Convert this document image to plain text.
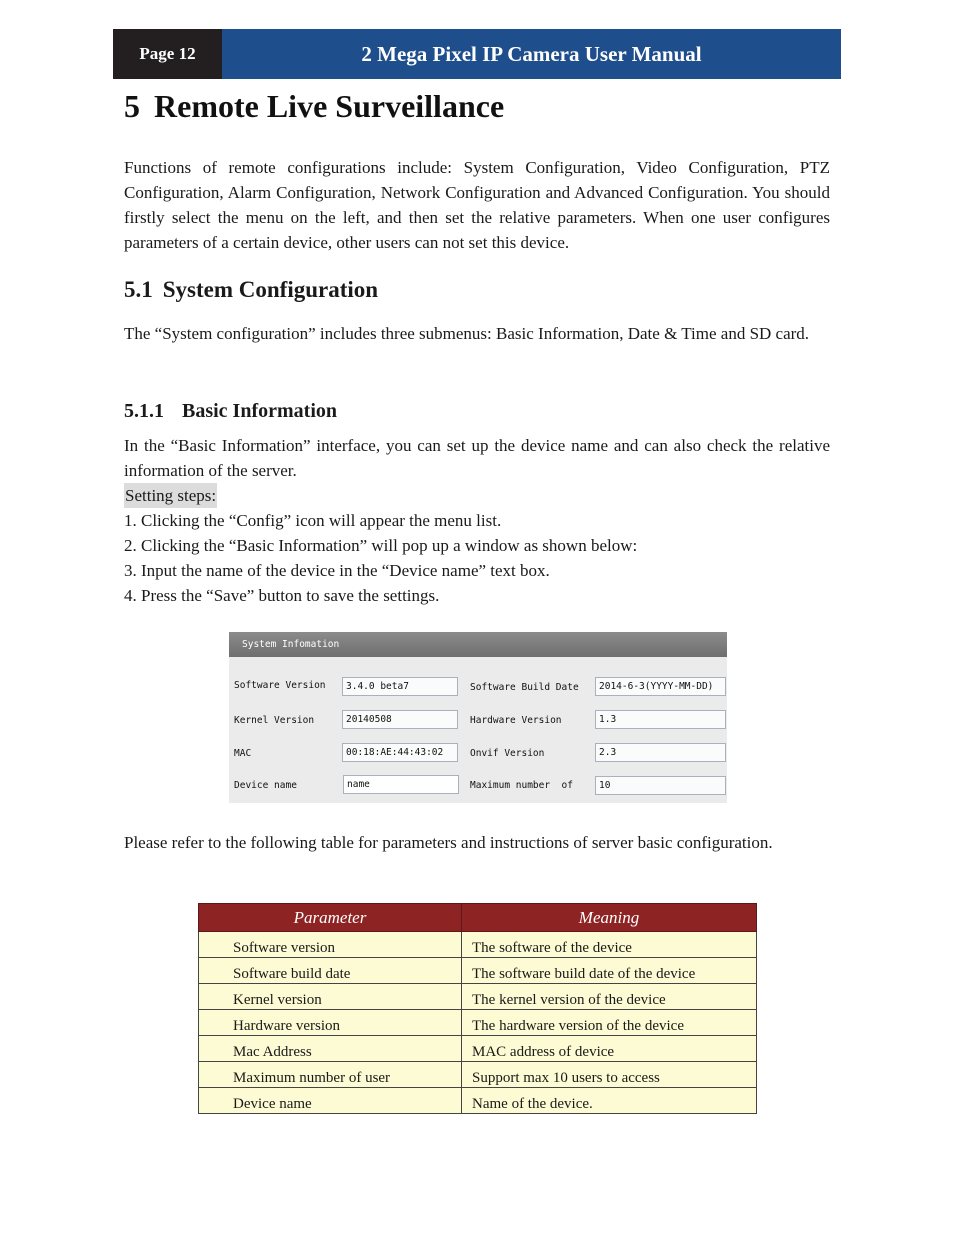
Page 12	2 Mega Pixel IP Camera User Manual
5 Remote Live Surveillance

Functions of remote configurations include: System Configuration, Video Configuration, PTZ Configuration, Alarm Configuration, Network Configuration and Advanced Configuration. You should firstly select the menu on the left, and then set the relative parameters. When one user configures parameters of a certain device, other users can not set this device.

5.1 System Configuration

The “System configuration” includes three submenus: Basic Information, Date & Time and SD card.

5.1.1 Basic Information

In the “Basic Information” interface, you can set up the device name and can also check the relative information of the server.

Setting steps:
1. Clicking the “Config” icon will appear the menu list.
2. Clicking the “Basic Information” will pop up a window as shown below:
3. Input the name of the device in the “Device name” text box.
4. Press the “Save” button to save the settings.
System Infomation
Software Version	3.4.0 beta7	Software Build Date	2014-6-3(YYYY-MM-DD)
Kernel Version	20140508	Hardware Version	1.3
MAC	00:18:AE:44:43:02	Onvif Version	2.3
Device name	name	Maximum number  of	10

Please refer to the following table for parameters and instructions of server basic configuration.

Parameter	Meaning
Software version	The software of the device
Software build date	The software build date of the device
Kernel version	The kernel version of the device
Hardware version	The hardware version of the device
Mac Address	MAC address of device
Maximum number of user	Support max 10 users to access
Device name	Name of the device.
